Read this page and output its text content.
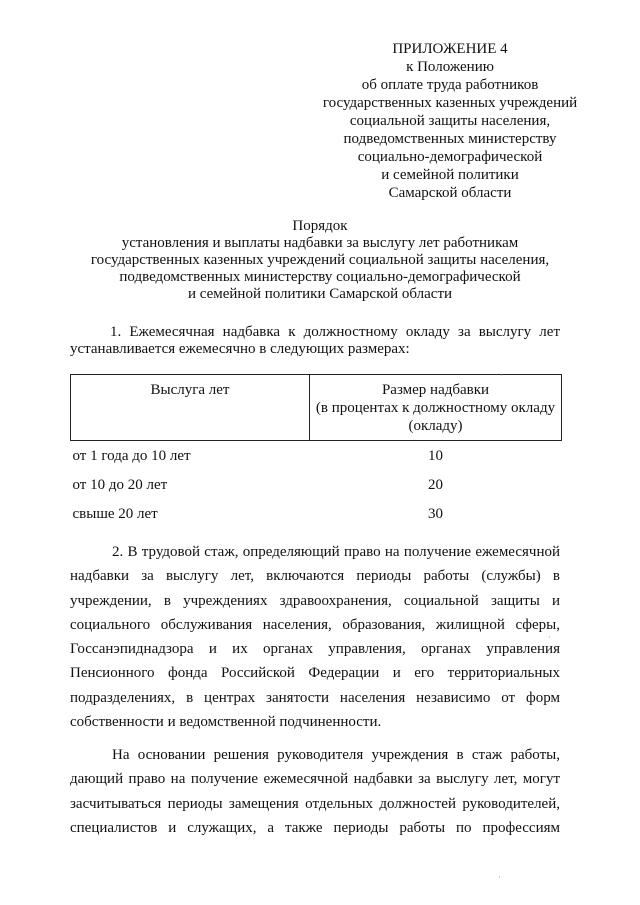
ПРИЛОЖЕНИЕ 4
к Положению
об оплате труда работников
государственных казенных учреждений
социальной защиты населения,
подведомственных министерству
социально-демографической
и семейной политики
Самарской области
Порядок
установления и выплаты надбавки за выслугу лет работникам
государственных казенных учреждений социальной защиты населения,
подведомственных министерству социально-демографической
и семейной политики Самарской области
1. Ежемесячная надбавка к должностному окладу за выслугу лет
устанавливается ежемесячно в следующих размерах:
Выслуга лет	Размер надбавки
(в процентах к должностному окладу
(окладу)

от 1 года до 10 лет	10
от 10 до 20 лет	20
свыше 20 лет	30
2. В трудовой стаж, определяющий право на получение ежемесячной
надбавки за выслугу лет, включаются периоды работы (службы) в
учреждении, в учреждениях здравоохранения, социальной защиты и
социального обслуживания населения, образования, жилищной сферы,
Госсанэпиднадзора и их органах управления, органах управления
Пенсионного фонда Российской Федерации и его территориальных
подразделениях, в центрах занятости населения независимо от форм
собственности и ведомственной подчиненности.
На основании решения руководителя учреждения в стаж работы,
дающий право на получение ежемесячной надбавки за выслугу лет, могут
засчитываться периоды замещения отдельных должностей руководителей,
специалистов и служащих, а также периоды работы по профессиям
·
·
·
